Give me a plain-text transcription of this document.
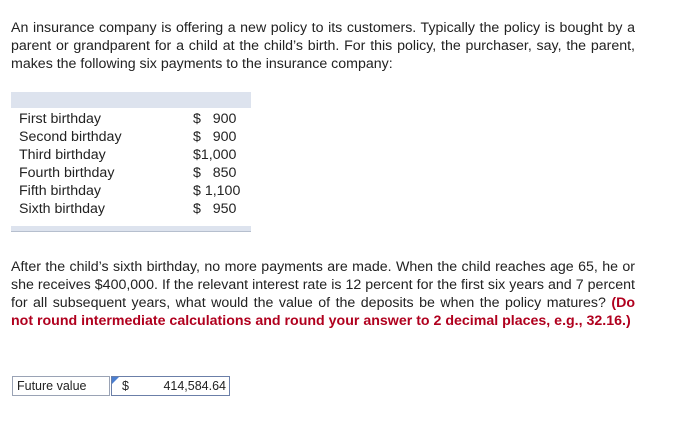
An insurance company is offering a new policy to its customers. Typically the policy is bought by a parent or grandparent for a child at the child’s birth. For this policy, the purchaser, say, the parent, makes the following six payments to the insurance company:

First birthday	$   900
Second birthday	$   900
Third birthday	$1,000
Fourth birthday	$   850
Fifth birthday	$ 1,100
Sixth birthday	$   950

After the child’s sixth birthday, no more payments are made. When the child reaches age 65, he or she receives $400,000. If the relevant interest rate is 12 percent for the first six years and 7 percent for all subsequent years, what would the value of the deposits be when the policy matures? (Do not round intermediate calculations and round your answer to 2 decimal places, e.g., 32.16.)

Future value	$	414,584.64
